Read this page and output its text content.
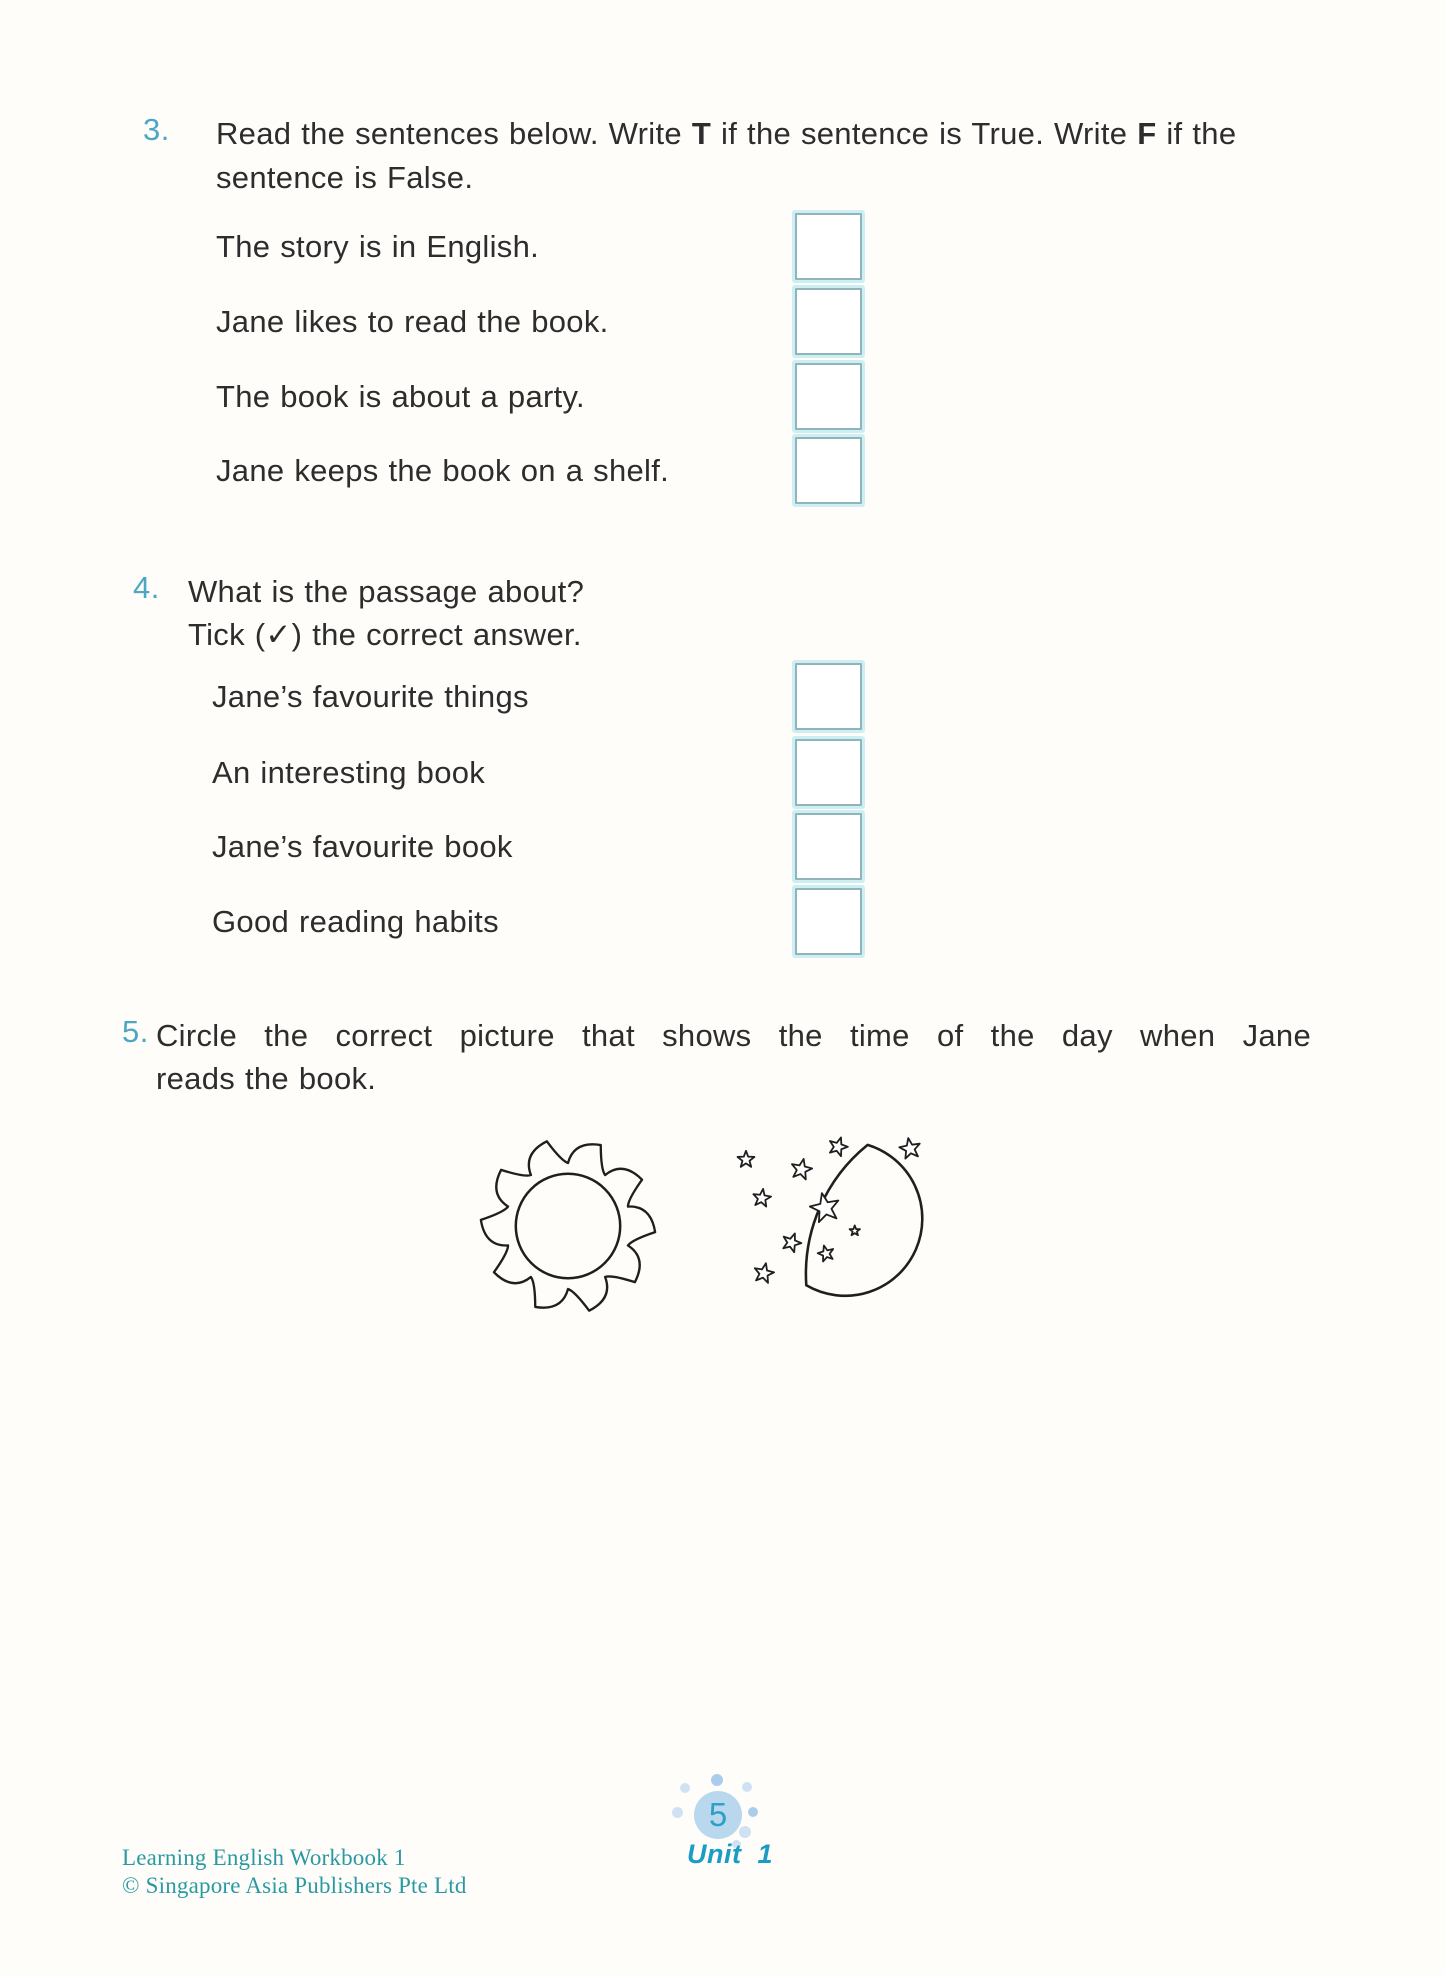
3. Read the sentences below. Write T if the sentence is True. Write F if the
sentence is False.
The story is in English.
Jane likes to read the book.
The book is about a party.
Jane keeps the book on a shelf.
4. What is the passage about?
Tick (✓) the correct answer.
Jane’s favourite things
An interesting book
Jane’s favourite book
Good reading habits
5. Circle the correct picture that shows the time of the day when Jane
reads the book.
5
Unit 1
Learning English Workbook 1
© Singapore Asia Publishers Pte Ltd
